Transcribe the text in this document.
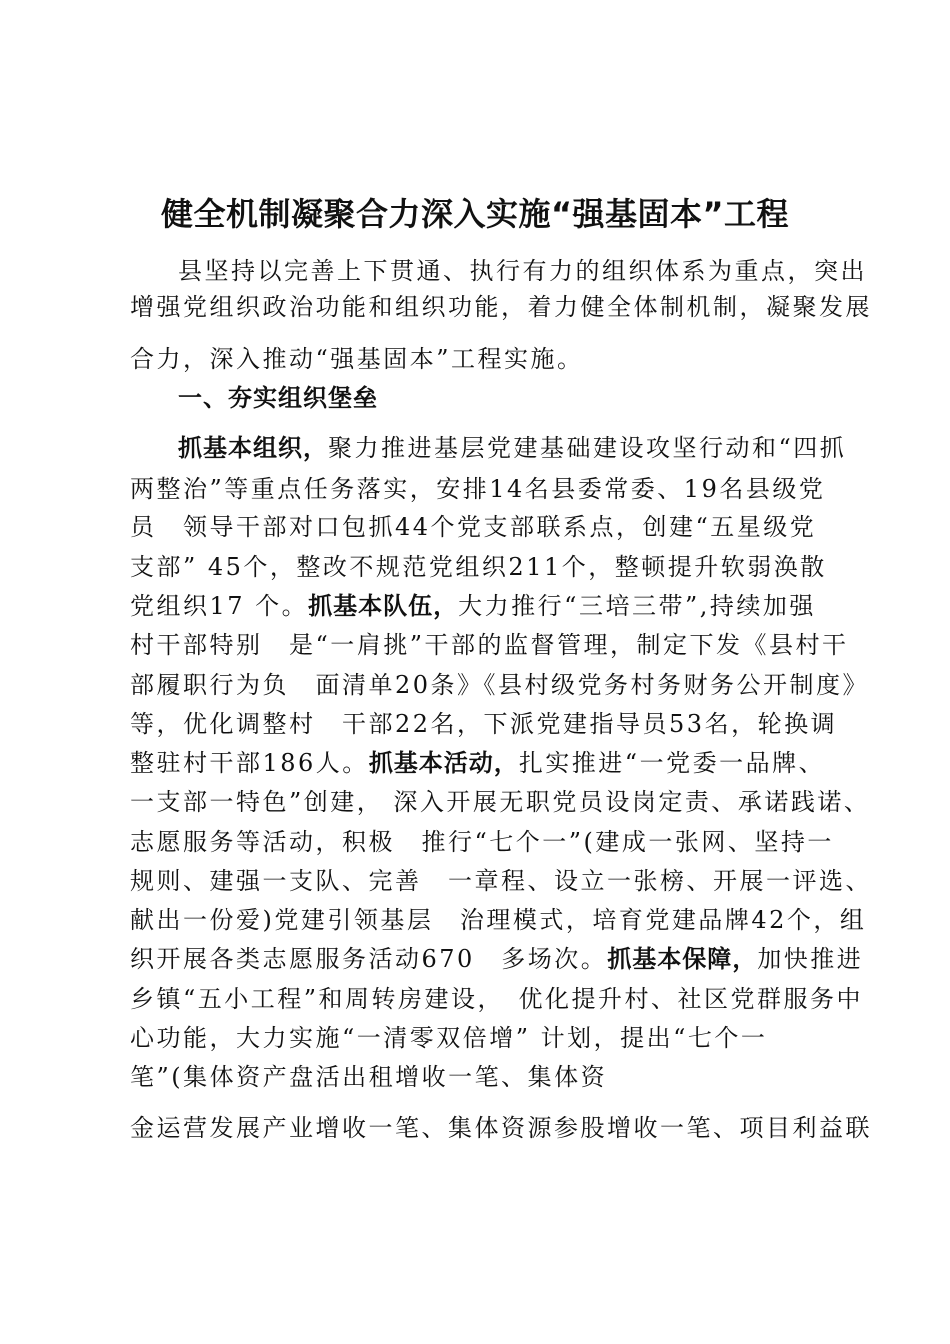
健全机制凝聚合力深入实施“强基固本”工程
县坚持以完善上下贯通、执行有力的组织体系为重点，突出
增强党组织政治功能和组织功能，着力健全体制机制，凝聚发展
合力，深入推动“强基固本”工程实施。
一、夯实组织堡垒
抓基本组织，聚力推进基层党建基础建设攻坚行动和“四抓
两整治”等重点任务落实，安排14名县委常委、19名县级党
员　领导干部对口包抓44个党支部联系点，创建“五星级党
支部” 45个，整改不规范党组织211个，整顿提升软弱涣散
党组织17 个。抓基本队伍，大力推行“三培三带”,持续加强
村干部特别　是“一肩挑”干部的监督管理，制定下发《县村干
部履职行为负　面清单20条》《县村级党务村务财务公开制度》
等，优化调整村　干部22名，下派党建指导员53名，轮换调
整驻村干部186人。抓基本活动，扎实推进“一党委一品牌、
一支部一特色”创建， 深入开展无职党员设岗定责、承诺践诺、
志愿服务等活动，积极　推行“七个一”(建成一张网、坚持一
规则、建强一支队、完善　一章程、设立一张榜、开展一评选、
献出一份爱)党建引领基层　治理模式，培育党建品牌42个，组
织开展各类志愿服务活动670　多场次。抓基本保障，加快推进
乡镇“五小工程”和周转房建设，　优化提升村、社区党群服务中
心功能，大力实施“一清零双倍增” 计划，提出“七个一
笔”(集体资产盘活出租增收一笔、集体资
金运营发展产业增收一笔、集体资源参股增收一笔、项目利益联
